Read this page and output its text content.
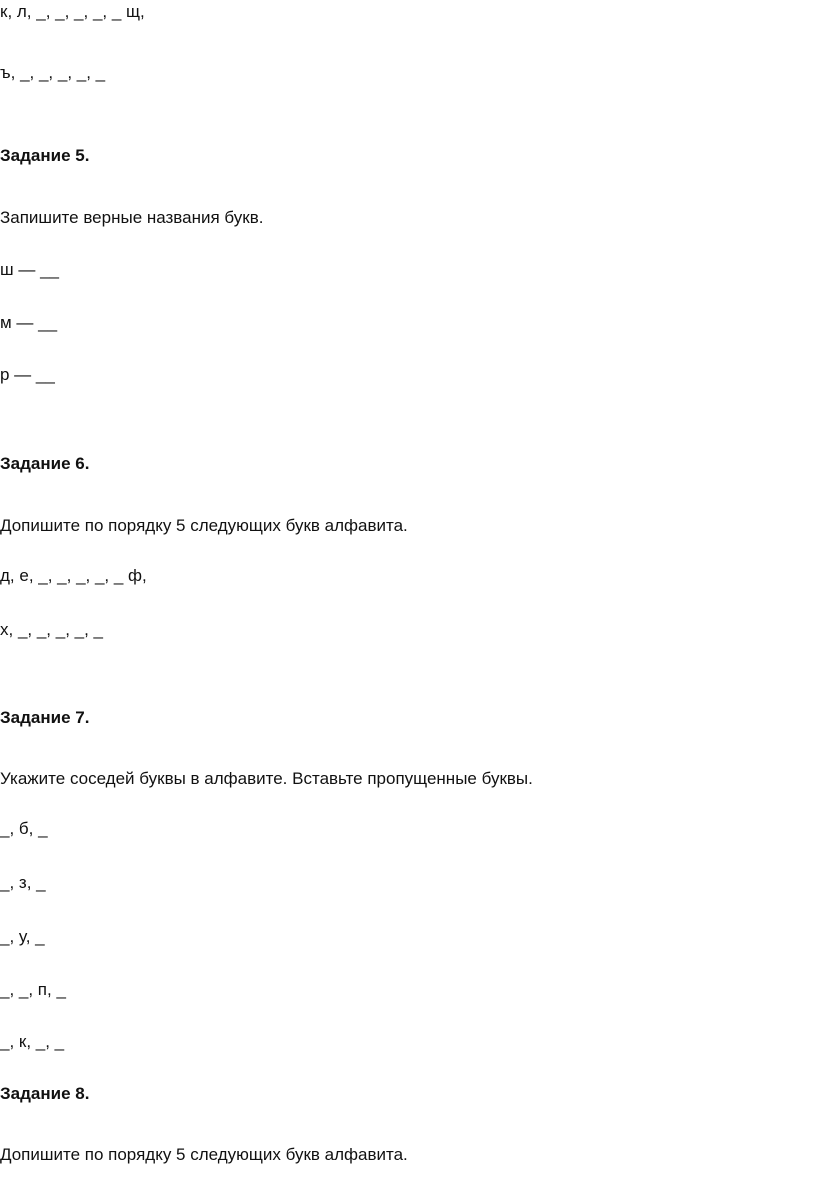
к, л, _, _, _, _, _ щ,
ъ, _, _, _, _, _
Задание 5.
Запишите верные названия букв.
ш — __
м — __
р — __
Задание 6.
Допишите по порядку 5 следующих букв алфавита.
д, е, _, _, _, _, _ ф,
х, _, _, _, _, _
Задание 7.
Укажите соседей буквы в алфавите. Вставьте пропущенные буквы.
_, б, _
_, з, _
_, у, _
_, _, п, _
_, к, _, _
Задание 8.
Допишите по порядку 5 следующих букв алфавита.
